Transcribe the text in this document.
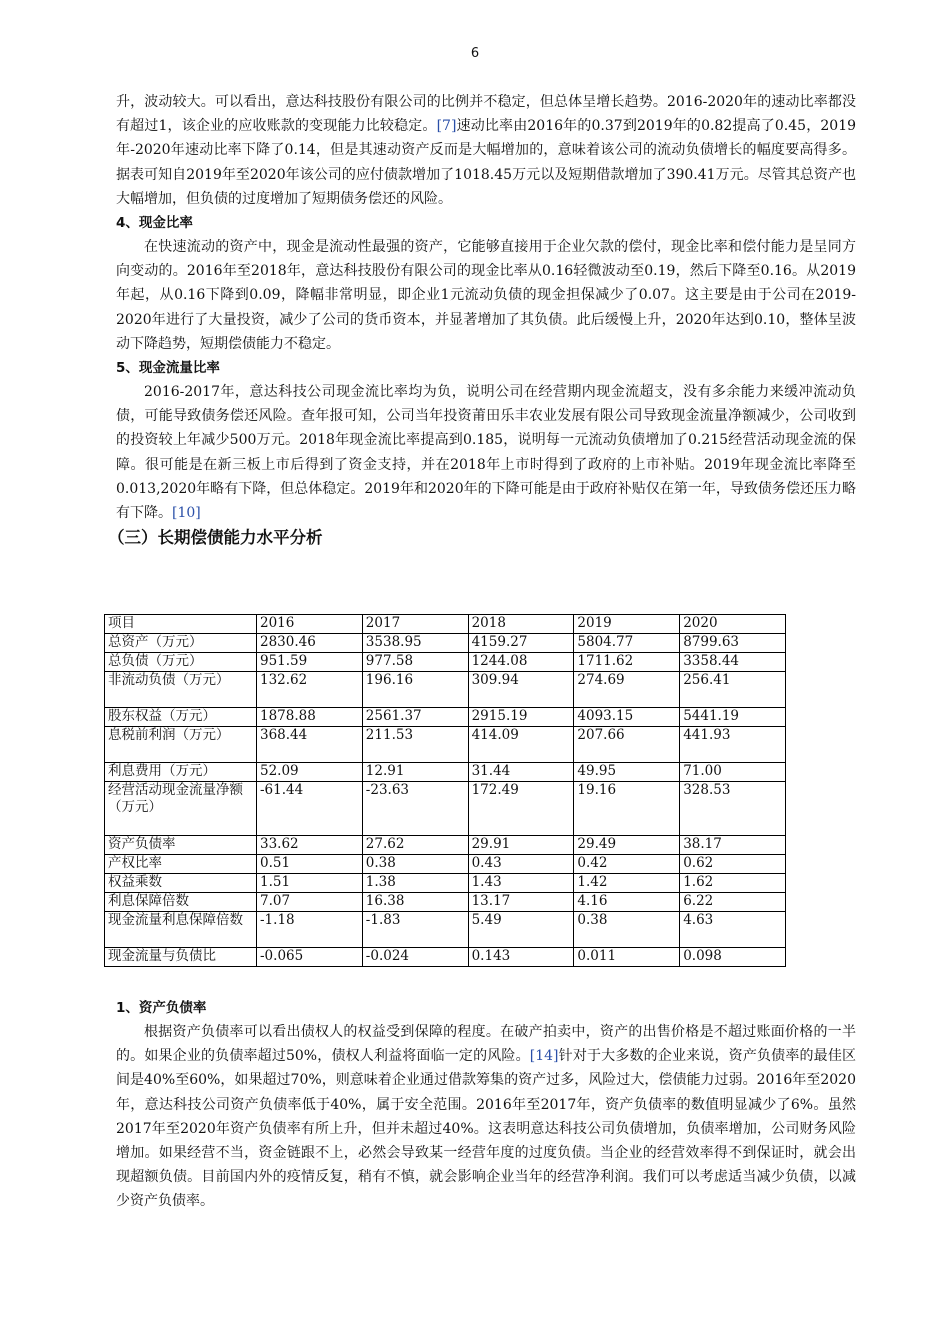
6

升，波动较大。可以看出，意达科技股份有限公司的比例并不稳定，但总体呈增长趋势。2016-2020年的速动比率都没有超过1，该企业的应收账款的变现能力比较稳定。[7]速动比率由2016年的0.37到2019年的0.82提高了0.45，2019年-2020年速动比率下降了0.14，但是其速动资产反而是大幅增加的，意味着该公司的流动负债增长的幅度要高得多。据表可知自2019年至2020年该公司的应付债款增加了1018.45万元以及短期借款增加了390.41万元。尽管其总资产也大幅增加，但负债的过度增加了短期债务偿还的风险。

4、现金比率

在快速流动的资产中，现金是流动性最强的资产，它能够直接用于企业欠款的偿付，现金比率和偿付能力是呈同方向变动的。2016年至2018年，意达科技股份有限公司的现金比率从0.16轻微波动至0.19，然后下降至0.16。从2019年起，从0.16下降到0.09，降幅非常明显，即企业1元流动负债的现金担保减少了0.07。这主要是由于公司在2019-2020年进行了大量投资，减少了公司的货币资本，并显著增加了其负债。此后缓慢上升，2020年达到0.10，整体呈波动下降趋势，短期偿债能力不稳定。

5、现金流量比率

2016-2017年，意达科技公司现金流比率均为负，说明公司在经营期内现金流超支，没有多余能力来缓冲流动负债，可能导致债务偿还风险。查年报可知，公司当年投资莆田乐丰农业发展有限公司导致现金流量净额减少，公司收到的投资较上年减少500万元。2018年现金流比率提高到0.185，说明每一元流动负债增加了0.215经营活动现金流的保障。很可能是在新三板上市后得到了资金支持，并在2018年上市时得到了政府的上市补贴。2019年现金流比率降至0.013,2020年略有下降，但总体稳定。2019年和2020年的下降可能是由于政府补贴仅在第一年，导致债务偿还压力略有下降。[10]

（三）长期偿债能力水平分析
项目	2016	2017	2018	2019	2020
总资产（万元）	2830.46	3538.95	4159.27	5804.77	8799.63
总负债（万元）	951.59	977.58	1244.08	1711.62	3358.44
非流动负债（万元）	132.62	196.16	309.94	274.69	256.41
股东权益（万元）	1878.88	2561.37	2915.19	4093.15	5441.19
息税前利润（万元）	368.44	211.53	414.09	207.66	441.93
利息费用（万元）	52.09	12.91	31.44	49.95	71.00
经营活动现金流量净额（万元）	-61.44	-23.63	172.49	19.16	328.53
资产负债率	33.62	27.62	29.91	29.49	38.17
产权比率	0.51	0.38	0.43	0.42	0.62
权益乘数	1.51	1.38	1.43	1.42	1.62
利息保障倍数	7.07	16.38	13.17	4.16	6.22
现金流量利息保障倍数	-1.18	-1.83	5.49	0.38	4.63
现金流量与负债比	-0.065	-0.024	0.143	0.011	0.098
1、资产负债率

根据资产负债率可以看出债权人的权益受到保障的程度。在破产拍卖中，资产的出售价格是不超过账面价格的一半的。如果企业的负债率超过50%，债权人利益将面临一定的风险。[14]针对于大多数的企业来说，资产负债率的最佳区间是40%至60%，如果超过70%，则意味着企业通过借款筹集的资产过多，风险过大，偿债能力过弱。2016年至2020年，意达科技公司资产负债率低于40%，属于安全范围。2016年至2017年，资产负债率的数值明显减少了6%。虽然2017年至2020年资产负债率有所上升，但并未超过40%。这表明意达科技公司负债增加，负债率增加，公司财务风险增加。如果经营不当，资金链跟不上，必然会导致某一经营年度的过度负债。当企业的经营效率得不到保证时，就会出现超额负债。目前国内外的疫情反复，稍有不慎，就会影响企业当年的经营净利润。我们可以考虑适当减少负债，以减少资产负债率。
